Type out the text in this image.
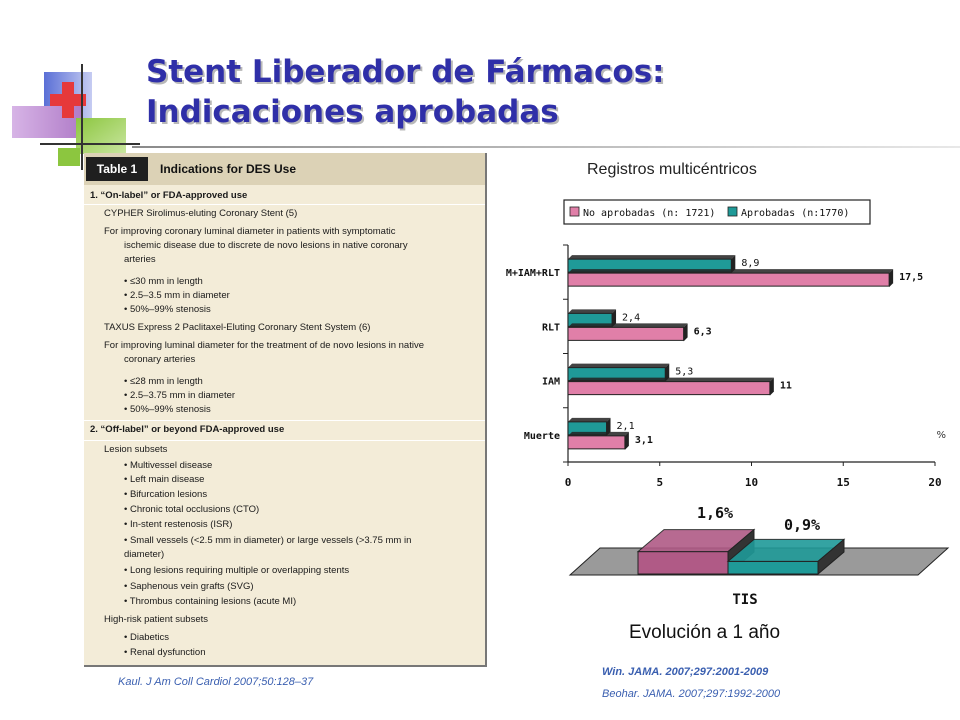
Stent Liberador de Fármacos:
Indicaciones aprobadas
Table 1	Indications for DES Use
1. “On-label” or FDA-approved use
CYPHER Sirolimus-eluting Coronary Stent (5)
For improving coronary luminal diameter in patients with symptomatic
ischemic disease due to discrete de novo lesions in native coronary
arteries
• ≤30 mm in length
• 2.5–3.5 mm in diameter
• 50%–99% stenosis
TAXUS Express 2 Paclitaxel-Eluting Coronary Stent System (6)
For improving luminal diameter for the treatment of de novo lesions in native
coronary arteries
• ≤28 mm in length
• 2.5–3.75 mm in diameter
• 50%–99% stenosis
2. “Off-label” or beyond FDA-approved use
Lesion subsets
• Multivessel disease
• Left main disease
• Bifurcation lesions
• Chronic total occlusions (CTO)
• In-stent restenosis (ISR)
• Small vessels (<2.5 mm in diameter) or large vessels (>3.75 mm in
diameter)
• Long lesions requiring multiple or overlapping stents
• Saphenous vein grafts (SVG)
• Thrombus containing lesions (acute MI)
High-risk patient subsets
• Diabetics
• Renal dysfunction
Kaul. J Am Coll Cardiol 2007;50:128–37
Registros multicéntricos
No aprobadas (n: 1721)	Aprobadas (n:1770)
0	5	10	15	20
%
Muerte
2,1
3,1
IAM
5,3
11
RLT
2,4
6,3
M+IAM+RLT
8,9
17,5
1,6%
0,9%
TIS
Evolución a 1 año
Win. JAMA. 2007;297:2001-2009
Beohar. JAMA. 2007;297:1992-2000
